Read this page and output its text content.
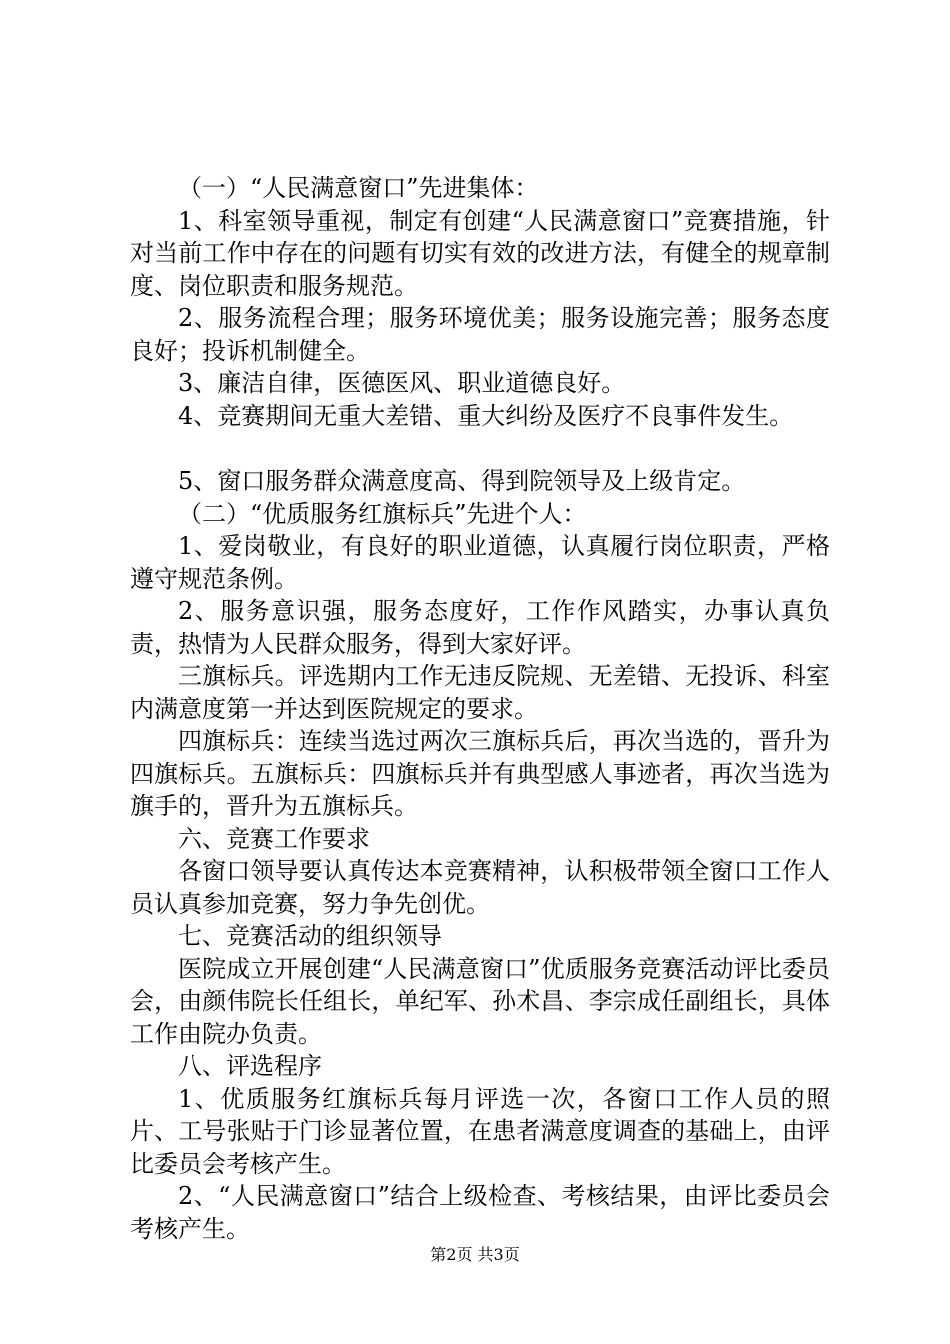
（一）“人民满意窗口”先进集体：

1、科室领导重视，制定有创建“人民满意窗口”竞赛措施，针对当前工作中存在的问题有切实有效的改进方法，有健全的规章制度、岗位职责和服务规范。

2、服务流程合理；服务环境优美；服务设施完善；服务态度良好；投诉机制健全。

3、廉洁自律，医德医风、职业道德良好。

4、竞赛期间无重大差错、重大纠纷及医疗不良事件发生。

5、窗口服务群众满意度高、得到院领导及上级肯定。

（二）“优质服务红旗标兵”先进个人：

1、爱岗敬业，有良好的职业道德，认真履行岗位职责，严格遵守规范条例。

2、服务意识强，服务态度好，工作作风踏实，办事认真负责，热情为人民群众服务，得到大家好评。

三旗标兵。评选期内工作无违反院规、无差错、无投诉、科室内满意度第一并达到医院规定的要求。

四旗标兵：连续当选过两次三旗标兵后，再次当选的，晋升为四旗标兵。五旗标兵：四旗标兵并有典型感人事迹者，再次当选为旗手的，晋升为五旗标兵。

六、竞赛工作要求

各窗口领导要认真传达本竞赛精神，认积极带领全窗口工作人员认真参加竞赛，努力争先创优。

七、竞赛活动的组织领导

医院成立开展创建“人民满意窗口”优质服务竞赛活动评比委员会，由颜伟院长任组长，单纪军、孙术昌、李宗成任副组长，具体工作由院办负责。

八、评选程序

1、优质服务红旗标兵每月评选一次，各窗口工作人员的照片、工号张贴于门诊显著位置，在患者满意度调查的基础上，由评比委员会考核产生。

2、“人民满意窗口”结合上级检查、考核结果，由评比委员会考核产生。

第2页 共3页
